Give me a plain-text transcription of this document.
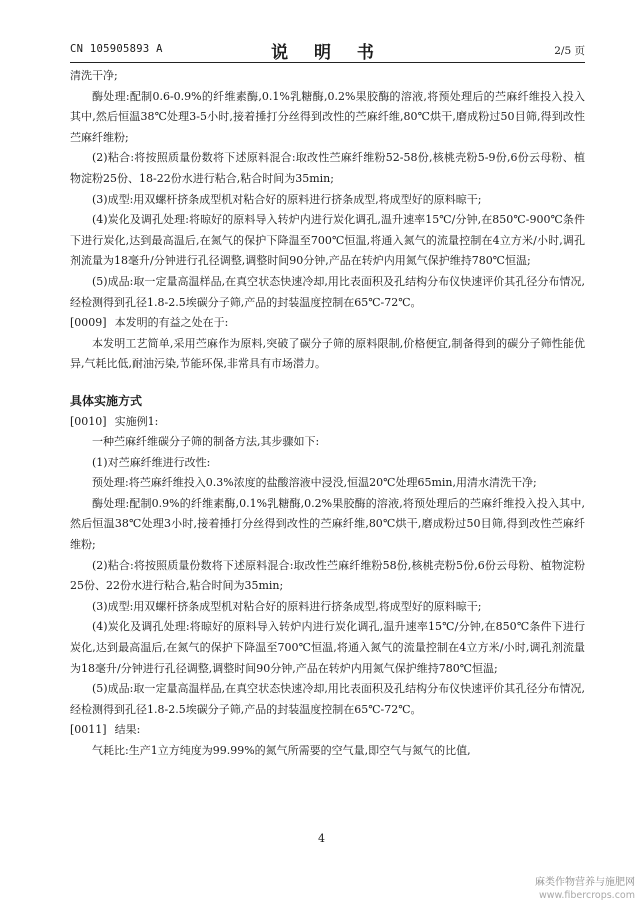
CN 105905893 A	说 明 书	2/5 页

清洗干净;

酶处理:配制0.6-0.9%的纤维素酶,0.1%乳糖酶,0.2%果胶酶的溶液,将预处理后的苎麻纤维投入投入其中,然后恒温38℃处理3-5小时,接着捶打分丝得到改性的苎麻纤维,80℃烘干,磨成粉过50目筛,得到改性苎麻纤维粉;

(2)粘合:将按照质量份数将下述原料混合:取改性苎麻纤维粉52-58份,核桃壳粉5-9份,6份云母粉、植物淀粉25份、18-22份水进行粘合,粘合时间为35min;

(3)成型:用双螺杆挤条成型机对粘合好的原料进行挤条成型,将成型好的原料晾干;

(4)炭化及调孔处理:将晾好的原料导入转炉内进行炭化调孔,温升速率15℃/分钟,在850℃-900℃条件下进行炭化,达到最高温后,在氮气的保护下降温至700℃恒温,将通入氮气的流量控制在4立方米/小时,调孔剂流量为18毫升/分钟进行孔径调整,调整时间90分钟,产品在转炉内用氮气保护维持780℃恒温;

(5)成品:取一定量高温样品,在真空状态快速冷却,用比表面积及孔结构分布仪快速评价其孔径分布情况,经检测得到孔径1.8-2.5埃碳分子筛,产品的封装温度控制在65℃-72℃。

[0009] 本发明的有益之处在于:

本发明工艺简单,采用苎麻作为原料,突破了碳分子筛的原料限制,价格便宜,制备得到的碳分子筛性能优异,气耗比低,耐油污染,节能环保,非常具有市场潜力。

具体实施方式

[0010] 实施例1:

一种苎麻纤维碳分子筛的制备方法,其步骤如下:

(1)对苎麻纤维进行改性:

预处理:将苎麻纤维投入0.3%浓度的盐酸溶液中浸没,恒温20℃处理65min,用清水清洗干净;

酶处理:配制0.9%的纤维素酶,0.1%乳糖酶,0.2%果胶酶的溶液,将预处理后的苎麻纤维投入投入其中,然后恒温38℃处理3小时,接着捶打分丝得到改性的苎麻纤维,80℃烘干,磨成粉过50目筛,得到改性苎麻纤维粉;

(2)粘合:将按照质量份数将下述原料混合:取改性苎麻纤维粉58份,核桃壳粉5份,6份云母粉、植物淀粉25份、22份水进行粘合,粘合时间为35min;

(3)成型:用双螺杆挤条成型机对粘合好的原料进行挤条成型,将成型好的原料晾干;

(4)炭化及调孔处理:将晾好的原料导入转炉内进行炭化调孔,温升速率15℃/分钟,在850℃条件下进行炭化,达到最高温后,在氮气的保护下降温至700℃恒温,将通入氮气的流量控制在4立方米/小时,调孔剂流量为18毫升/分钟进行孔径调整,调整时间90分钟,产品在转炉内用氮气保护维持780℃恒温;

(5)成品:取一定量高温样品,在真空状态快速冷却,用比表面积及孔结构分布仪快速评价其孔径分布情况,经检测得到孔径1.8-2.5埃碳分子筛,产品的封装温度控制在65℃-72℃。

[0011] 结果:

气耗比:生产1立方纯度为99.99%的氮气所需要的空气量,即空气与氮气的比值,

4
麻类作物营养与施肥网
www.fibercrops.com
